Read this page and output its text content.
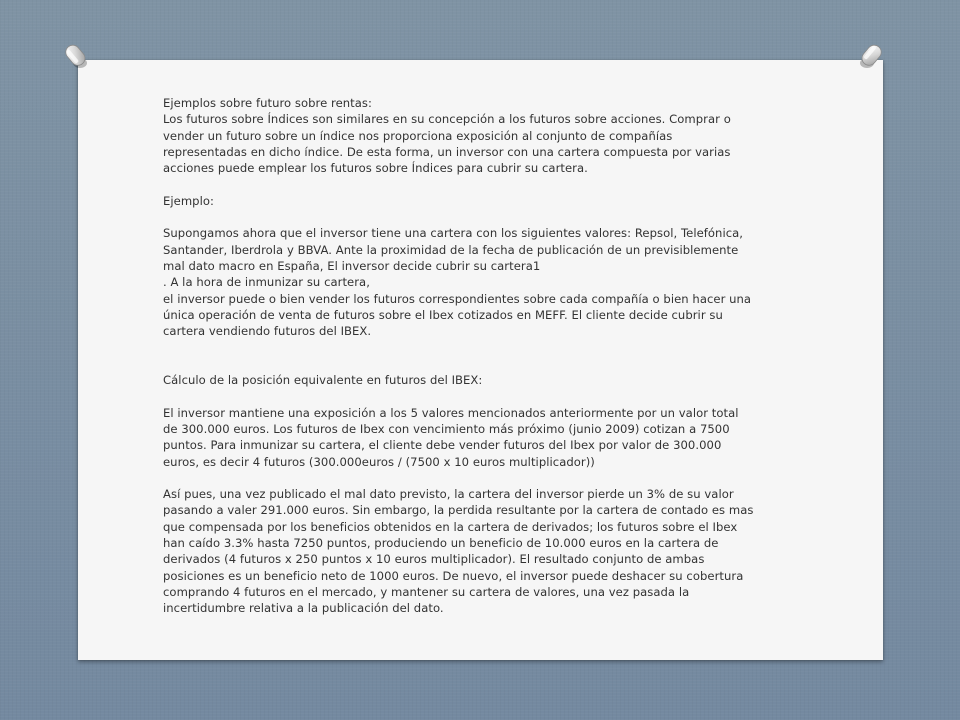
Ejemplos sobre futuro sobre rentas:
Los futuros sobre Índices son similares en su concepción a los futuros sobre acciones. Comprar o
vender un futuro sobre un índice nos proporciona exposición al conjunto de compañías
representadas en dicho índice. De esta forma, un inversor con una cartera compuesta por varias
acciones puede emplear los futuros sobre Índices para cubrir su cartera.
Ejemplo:
Supongamos ahora que el inversor tiene una cartera con los siguientes valores: Repsol, Telefónica,
Santander, Iberdrola y BBVA. Ante la proximidad de la fecha de publicación de un previsiblemente
mal dato macro en España, El inversor decide cubrir su cartera1
. A la hora de inmunizar su cartera,
el inversor puede o bien vender los futuros correspondientes sobre cada compañía o bien hacer una
única operación de venta de futuros sobre el Ibex cotizados en MEFF. El cliente decide cubrir su
cartera vendiendo futuros del IBEX.
Cálculo de la posición equivalente en futuros del IBEX:
El inversor mantiene una exposición a los 5 valores mencionados anteriormente por un valor total
de 300.000 euros. Los futuros de Ibex con vencimiento más próximo (junio 2009) cotizan a 7500
puntos. Para inmunizar su cartera, el cliente debe vender futuros del Ibex por valor de 300.000
euros, es decir 4 futuros (300.000euros / (7500 x 10 euros multiplicador))
Así pues, una vez publicado el mal dato previsto, la cartera del inversor pierde un 3% de su valor
pasando a valer 291.000 euros. Sin embargo, la perdida resultante por la cartera de contado es mas
que compensada por los beneficios obtenidos en la cartera de derivados; los futuros sobre el Ibex
han caído 3.3% hasta 7250 puntos, produciendo un beneficio de 10.000 euros en la cartera de
derivados (4 futuros x 250 puntos x 10 euros multiplicador). El resultado conjunto de ambas
posiciones es un beneficio neto de 1000 euros. De nuevo, el inversor puede deshacer su cobertura
comprando 4 futuros en el mercado, y mantener su cartera de valores, una vez pasada la
incertidumbre relativa a la publicación del dato.
